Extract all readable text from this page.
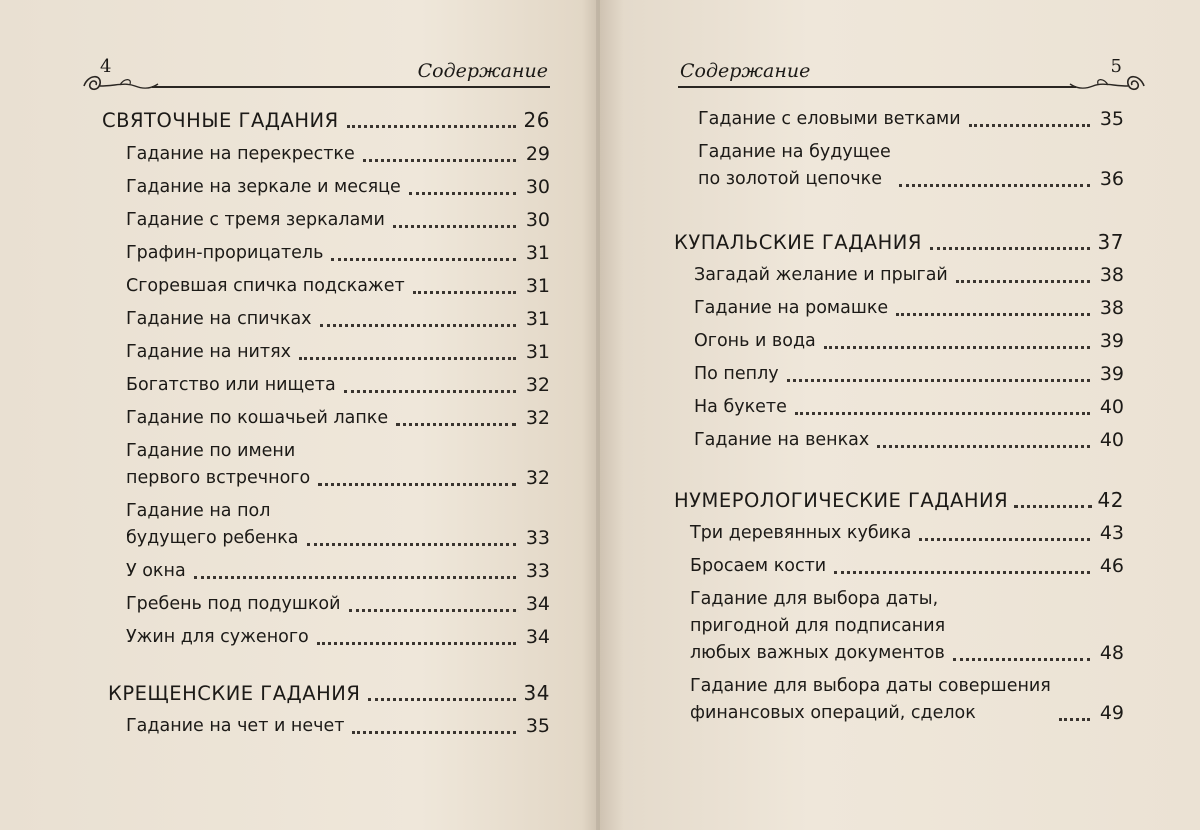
4	Содержание
СВЯТОЧНЫЕ ГАДАНИЯ	26
Гадание на перекрестке	29
Гадание на зеркале и месяце	30
Гадание с тремя зеркалами	30
Графин-прорицатель	31
Сгоревшая спичка подскажет	31
Гадание на спичках	31
Гадание на нитях	31
Богатство или нищета	32
Гадание по кошачьей лапке	32
Гадание по имени
первого встречного	32
Гадание на пол
будущего ребенка	33
У окна	33
Гребень под подушкой	34
Ужин для суженого	34
КРЕЩЕНСКИЕ ГАДАНИЯ	34
Гадание на чет и нечет	35
Содержание	5
Гадание с еловыми ветками	35
Гадание на будущее
по золотой цепочке	36
КУПАЛЬСКИЕ ГАДАНИЯ	37
Загадай желание и прыгай	38
Гадание на ромашке	38
Огонь и вода	39
По пеплу	39
На букете	40
Гадание на венках	40
НУМЕРОЛОГИЧЕСКИЕ ГАДАНИЯ	42
Три деревянных кубика	43
Бросаем кости	46
Гадание для выбора даты,
пригодной для подписания
любых важных документов	48
Гадание для выбора даты совершения
финансовых операций, сделок	49
